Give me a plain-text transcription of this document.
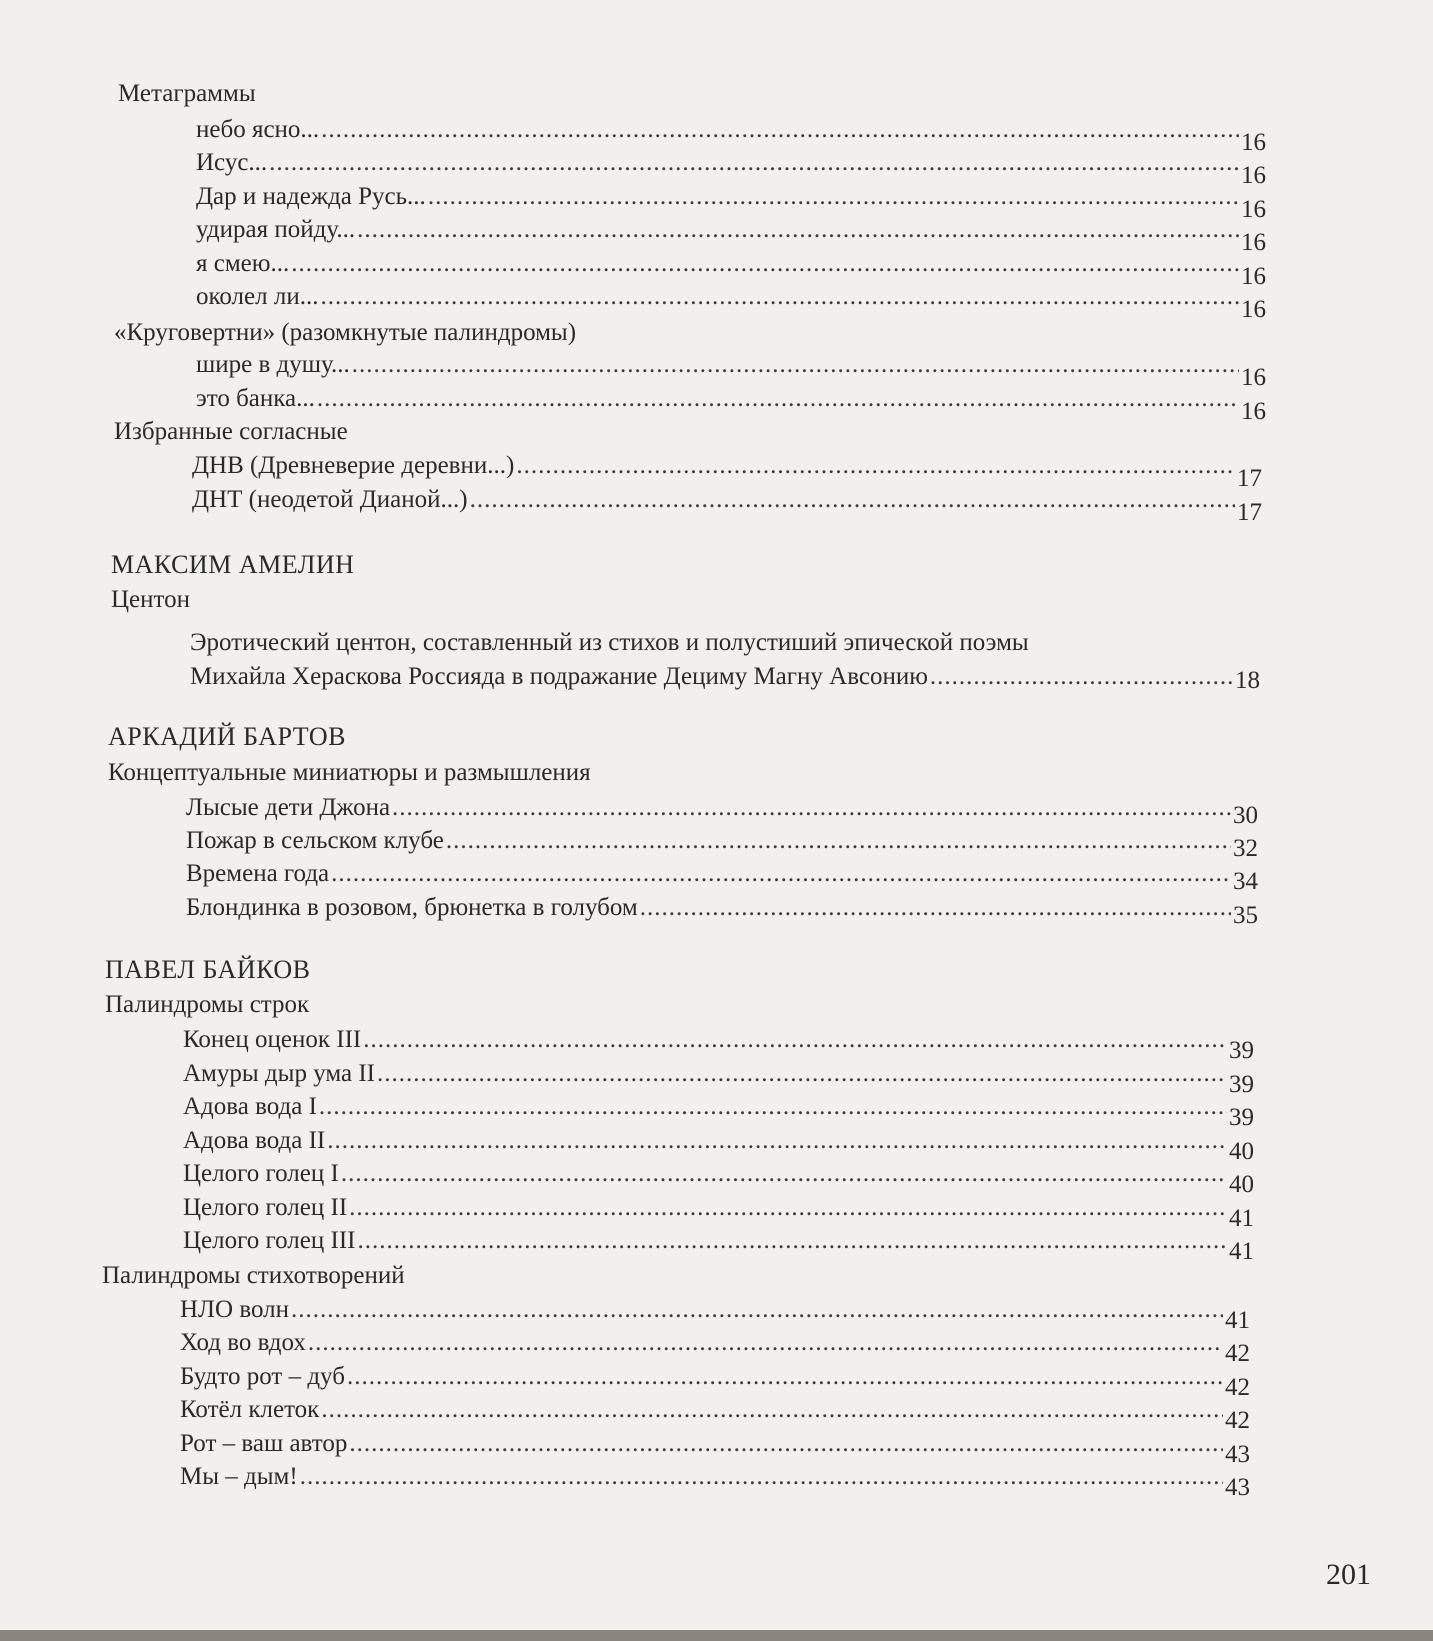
Метаграммы
небо ясно... .....	16
Исус... .....	16
Дар и надежда Русь... .....	16
удирая пойду... .....	16
я смею... .....	16
околел ли... .....	16
«Круговертни» (разомкнутые палиндромы)
шире в душу... .....	16
это банка... .....	16
Избранные согласные
ДНВ (Древневерие деревни...) .....	17
ДНТ (неодетой Дианой...) .....	17
МАКСИМ АМЕЛИН
Центон
Эротический центон, составленный из стихов и полустиший эпической поэмы
Михайла Хераскова Россияда в подражание Дециму Магну Авсонию .....	18
АРКАДИЙ БАРТОВ
Концептуальные миниатюры и размышления
Лысые дети Джона .....	30
Пожар в сельском клубе .....	32
Времена года .....	34
Блондинка в розовом, брюнетка в голубом .....	35
ПАВЕЛ БАЙКОВ
Палиндромы строк
Конец оценок III .....	39
Амуры дыр ума II .....	39
Адова вода I .....	39
Адова вода II .....	40
Целого голец I .....	40
Целого голец II .....	41
Целого голец III .....	41
Палиндромы стихотворений
НЛО волн .....	41
Ход во вдох .....	42
Будто рот – дуб .....	42
Котёл клеток .....	42
Рот – ваш автор .....	43
Мы – дым! .....	43
201
